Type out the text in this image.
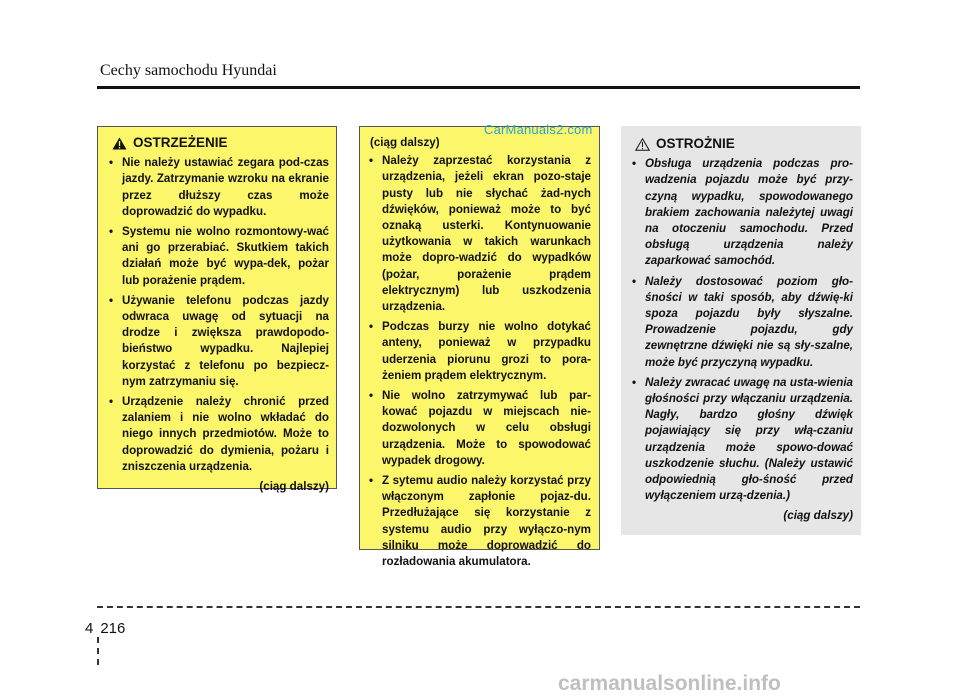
Cechy samochodu Hyundai
OSTRZEŻENIE
• Nie należy ustawiać zegara pod-czas jazdy. Zatrzymanie wzroku na ekranie przez dłuższy czas może doprowadzić do wypadku.
• Systemu nie wolno rozmontowy-wać ani go przerabiać. Skutkiem takich działań może być wypa-dek, pożar lub porażenie prądem.
• Używanie telefonu podczas jazdy odwraca uwagę od sytuacji na drodze i zwiększa prawdopodo-bieństwo wypadku. Najlepiej korzystać z telefonu po bezpiecz-nym zatrzymaniu się.
• Urządzenie należy chronić przed zalaniem i nie wolno wkładać do niego innych przedmiotów. Może to doprowadzić do dymienia, pożaru i zniszczenia urządzenia.
(ciąg dalszy)
(ciąg dalszy)
• Należy zaprzestać korzystania z urządzenia, jeżeli ekran pozo-staje pusty lub nie słychać żad-nych dźwięków, ponieważ może to być oznaką usterki. Kontynuowanie użytkowania w takich warunkach może dopro-wadzić do wypadków (pożar, porażenie prądem elektrycznym) lub uszkodzenia urządzenia.
• Podczas burzy nie wolno dotykać anteny, ponieważ w przypadku uderzenia piorunu grozi to pora-żeniem prądem elektrycznym.
• Nie wolno zatrzymywać lub par-kować pojazdu w miejscach nie-dozwolonych w celu obsługi urządzenia. Może to spowodować wypadek drogowy.
• Z sytemu audio należy korzystać przy włączonym zapłonie pojaz-du. Przedłużające się korzystanie z systemu audio przy wyłączo-nym silniku może doprowadzić do rozładowania akumulatora.
CarManuals2.com
OSTROŻNIE
• Obsługa urządzenia podczas pro-wadzenia pojazdu może być przy-czyną wypadku, spowodowanego brakiem zachowania należytej uwagi na otoczeniu samochodu. Przed obsługą urządzenia należy zaparkować samochód.
• Należy dostosować poziom gło-śności w taki sposób, aby dźwię-ki spoza pojazdu były słyszalne. Prowadzenie pojazdu, gdy zewnętrzne dźwięki nie są sły-szalne, może być przyczyną wypadku.
• Należy zwracać uwagę na usta-wienia głośności przy włączaniu urządzenia. Nagły, bardzo głośny dźwięk pojawiający się przy włą-czaniu urządzenia może spowo-dować uszkodzenie słuchu. (Należy ustawić odpowiednią gło-śność przed wyłączeniem urzą-dzenia.)
(ciąg dalszy)
4 216
carmanualsonline.info
